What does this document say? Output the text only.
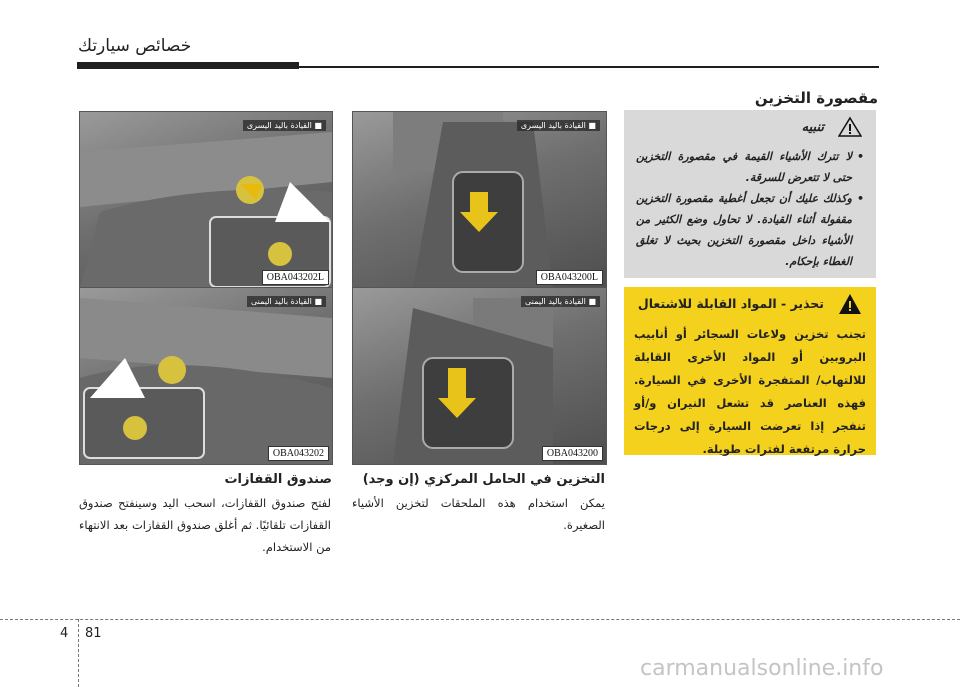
خصائص سيارتك
مقصورة التخزين
■ القيادة باليد اليسرى
OBA043202L
■ القيادة باليد اليمنى
OBA043202
■ القيادة باليد اليسرى
OBA043200L
■ القيادة باليد اليمنى
OBA043200
صندوق القفازات
لفتح صندوق القفازات، اسحب اليد وسينفتح صندوق القفازات تلقائيًا. ثم أغلق صندوق القفازات بعد الانتهاء من الاستخدام.
التخزين في الحامل المركزي (إن وجد)
يمكن استخدام هذه الملحقات لتخزين الأشياء الصغيرة.
تنبيه
• لا تترك الأشياء القيمة في مقصورة التخزين حتى لا تتعرض للسرقة.
• وكذلك عليك أن تجعل أغطية مقصورة التخزين مقفولة أثناء القيادة. لا تحاول وضع الكثير من الأشياء داخل مقصورة التخزين بحيث لا تغلق الغطاء بإحكام.
تحذير - المواد القابلة للاشتعال
تجنب تخزين ولاعات السجائر أو أنابيب البروبين أو المواد الأخرى القابلة للالتهاب/ المتفجرة الأخرى في السيارة. فهذه العناصر قد تشعل النيران و/أو تنفجر إذا تعرضت السيارة إلى درجات حرارة مرتفعة لفترات طويلة.
4 81
carmanualsonline.info
